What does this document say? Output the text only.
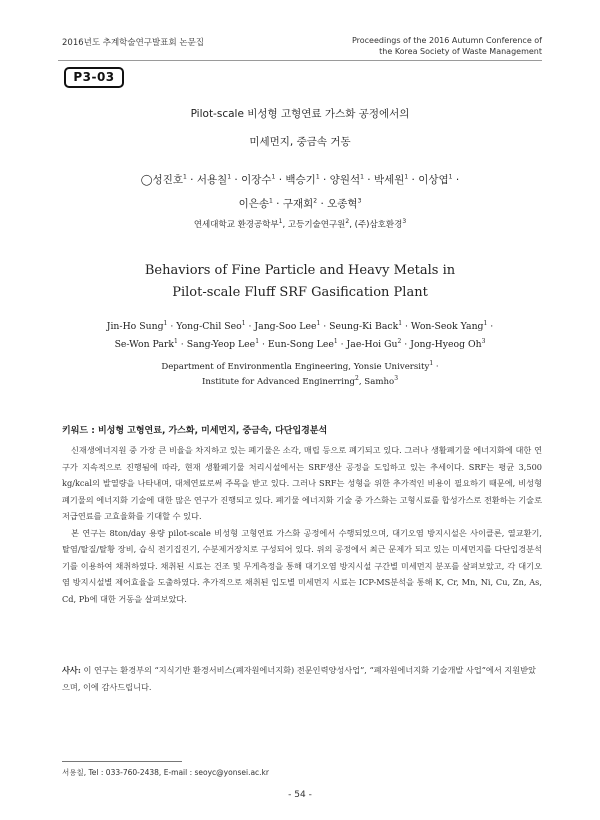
2016년도 추계학술연구발표회 논문집	Proceedings of the 2016 Autumn Conference of
the Korea Society of Waste Management
P3-03
Pilot-scale 비성형 고형연료 가스화 공정에서의
미세먼지, 중금속 거동
◯성진호$^1$ · 서용칠$^1$ · 이장수$^1$ · 백승기$^1$ · 양원석$^1$ · 박세원$^1$ · 이상엽$^1$ ·
이은송$^1$ · 구재회$^2$ · 오종혁$^3$
연세대학교 환경공학부$^1$, 고등기술연구원$^2$, (주)삼호환경$^3$
Behaviors of Fine Particle and Heavy Metals in
Pilot-scale Fluff SRF Gasification Plant
Jin-Ho Sung$^1$ · Yong-Chil Seo$^1$ · Jang-Soo Lee$^1$ · Seung-Ki Back$^1$ · Won-Seok Yang$^1$ ·
Se-Won Park$^1$ · Sang-Yeop Lee$^1$ · Eun-Song Lee$^1$ · Jae-Hoi $Gu^2$ · Jong-Hyeog Oh$^3$
Department of Environmentla Engineering, Yonsie University$^1$ ·
Institute for Advanced Enginerring$^2$, Samho$^3$
키워드 : 비성형 고형연료, 가스화, 미세먼지, 중금속, 다단입경분석

신재생에너지원 중 가장 큰 비율을 차지하고 있는 폐기물은 소각, 매립 등으로 폐기되고 있다. 그러나 생활폐기물 에너지화에 대한 연구가 지속적으로 진행됨에 따라, 현재 생활폐기물 처리시설에서는 SRF생산 공정을 도입하고 있는 추세이다. SRF는 평균 3,500 kg/kcal의 발열량을 나타내며, 대체연료로써 주목을 받고 있다. 그러나 SRF는 성형을 위한 추가적인 비용이 필요하기 때문에, 비성형 폐기물의 에너지화 기술에 대한 많은 연구가 진행되고 있다. 폐기물 에너지화 기술 중 가스화는 고형시료를 합성가스로 전환하는 기술로 저급연료를 고효율화를 기대할 수 있다.

본 연구는 8ton/day 용량 pilot-scale 비성형 고형연료 가스화 공정에서 수행되었으며, 대기오염 방지시설은 사이클론, 열교환기, 탈염/탈질/탈황 장비, 습식 전기집진기, 수분제거장치로 구성되어 있다. 위의 공정에서 최근 문제가 되고 있는 미세먼지를 다단입경분석기를 이용하여 채취하였다. 채취된 시료는 건조 및 무게측정을 통해 대기오염 방지시설 구간별 미세먼지 분포를 살펴보았고, 각 대기오염 방지시설별 제어효율을 도출하였다. 추가적으로 채취된 입도별 미세먼지 시료는 ICP-MS분석을 통해 K, Cr, Mn, Ni, Cu, Zn, As, Cd, Pb에 대한 거동을 살펴보았다.

사사: 이 연구는 환경부의 “지식기반 환경서비스(폐자원에너지화) 전문인력양성사업”, “폐자원에너지화 기술개발 사업”에서 지원받았으며, 이에 감사드립니다.

서용칠, Tel : 033-760-2438, E-mail : seoyc@yonsei.ac.kr
- 54 -
